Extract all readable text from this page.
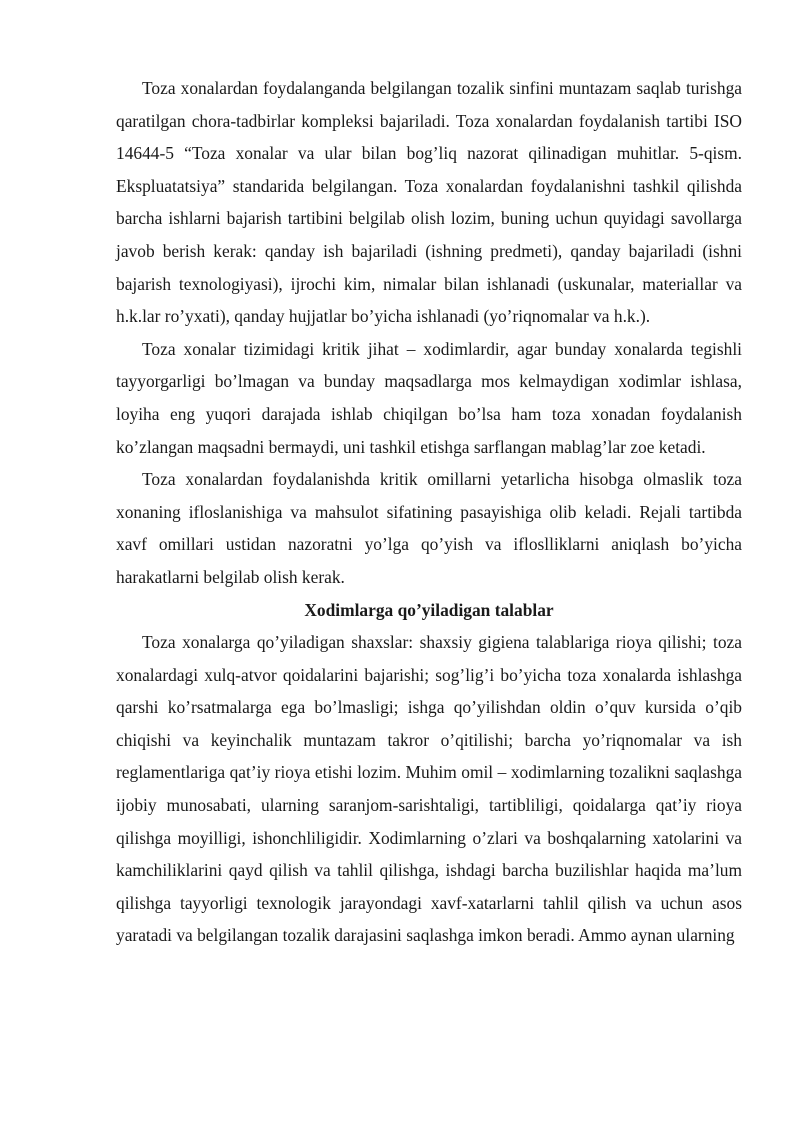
Toza xonalardan foydalanganda belgilangan tozalik sinfini muntazam saqlab turishga qaratilgan chora-tadbirlar kompleksi bajariladi. Toza xonalardan foydalanish tartibi ISO 14644-5 “Toza xonalar va ular bilan bog’liq nazorat qilinadigan muhitlar. 5-qism. Ekspluatatsiya” standarida belgilangan. Toza xonalardan foydalanishni tashkil qilishda barcha ishlarni bajarish tartibini belgilab olish lozim, buning uchun quyidagi savollarga javob berish kerak: qanday ish bajariladi (ishning predmeti), qanday bajariladi (ishni bajarish texnologiyasi), ijrochi kim, nimalar bilan ishlanadi (uskunalar, materiallar va h.k.lar ro’yxati), qanday hujjatlar bo’yicha ishlanadi (yo’riqnomalar va h.k.).

Toza xonalar tizimidagi kritik jihat – xodimlardir, agar bunday xonalarda tegishli tayyorgarligi bo’lmagan va bunday maqsadlarga mos kelmaydigan xodimlar ishlasa, loyiha eng yuqori darajada ishlab chiqilgan bo’lsa ham toza xonadan foydalanish ko’zlangan maqsadni bermaydi, uni tashkil etishga sarflangan mablag’lar zoe ketadi.

Toza xonalardan foydalanishda kritik omillarni yetarlicha hisobga olmaslik toza xonaning ifloslanishiga va mahsulot sifatining pasayishiga olib keladi. Rejali tartibda xavf omillari ustidan nazoratni yo’lga qo’yish va ifloslliklarni aniqlash bo’yicha harakatlarni belgilab olish kerak.

Xodimlarga qo’yiladigan talablar

Toza xonalarga qo’yiladigan shaxslar: shaxsiy gigiena talablariga rioya qilishi; toza xonalardagi xulq-atvor qoidalarini bajarishi; sog’lig’i bo’yicha toza xonalarda ishlashga qarshi ko’rsatmalarga ega bo’lmasligi; ishga qo’yilishdan oldin o’quv kursida o’qib chiqishi va keyinchalik muntazam takror o’qitilishi; barcha yo’riqnomalar va ish reglamentlariga qat’iy rioya etishi lozim. Muhim omil – xodimlarning tozalikni saqlashga ijobiy munosabati, ularning saranjom-sarishtaligi, tartibliligi, qoidalarga qat’iy rioya qilishga moyilligi, ishonchliligidir. Xodimlarning o’zlari va boshqalarning xatolarini va kamchiliklarini qayd qilish va tahlil qilishga, ishdagi barcha buzilishlar haqida ma’lum qilishga tayyorligi texnologik jarayondagi xavf-xatarlarni tahlil qilish va uchun asos yaratadi va belgilangan tozalik darajasini saqlashga imkon beradi. Ammo aynan ularning
